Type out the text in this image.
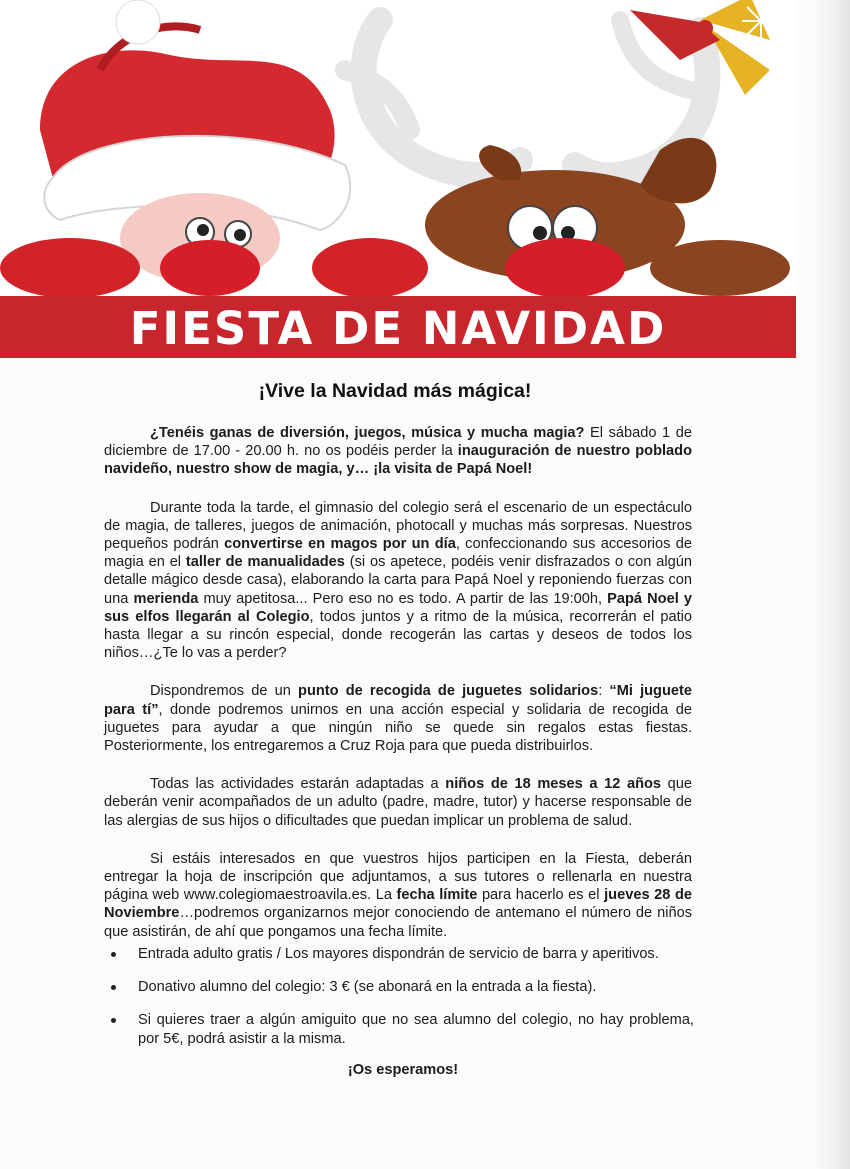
FIESTA DE NAVIDAD
¡Vive la Navidad más mágica!

¿Tenéis ganas de diversión, juegos, música y mucha magia? El sábado 1 de diciembre de 17.00 - 20.00 h. no os podéis perder la inauguración de nuestro poblado navideño, nuestro show de magia, y… ¡la visita de Papá Noel!

Durante toda la tarde, el gimnasio del colegio será el escenario de un espectáculo de magia, de talleres, juegos de animación, photocall y muchas más sorpresas. Nuestros pequeños podrán convertirse en magos por un día, confeccionando sus accesorios de magia en el taller de manualidades (si os apetece, podéis venir disfrazados o con algún detalle mágico desde casa), elaborando la carta para Papá Noel y reponiendo fuerzas con una merienda muy apetitosa... Pero eso no es todo. A partir de las 19:00h, Papá Noel y sus elfos llegarán al Colegio, todos juntos y a ritmo de la música, recorrerán el patio hasta llegar a su rincón especial, donde recogerán las cartas y deseos de todos los niños…¿Te lo vas a perder?

Dispondremos de un punto de recogida de juguetes solidarios: “Mi juguete para tí”, donde podremos unirnos en una acción especial y solidaria de recogida de juguetes para ayudar a que ningún niño se quede sin regalos estas fiestas. Posteriormente, los entregaremos a Cruz Roja para que pueda distribuirlos.

Todas las actividades estarán adaptadas a niños de 18 meses a 12 años que deberán venir acompañados de un adulto (padre, madre, tutor) y hacerse responsable de las alergias de sus hijos o dificultades que puedan implicar un problema de salud.

Si estáis interesados en que vuestros hijos participen en la Fiesta, deberán entregar la hoja de inscripción que adjuntamos, a sus tutores o rellenarla en nuestra página web www.colegiomaestroavila.es. La fecha límite para hacerlo es el jueves 28 de Noviembre…podremos organizarnos mejor conociendo de antemano el número de niños que asistirán, de ahí que pongamos una fecha límite.

Entrada adulto gratis / Los mayores dispondrán de servicio de barra y aperitivos.
Donativo alumno del colegio: 3 € (se abonará en la entrada a la fiesta).
Si quieres traer a algún amiguito que no sea alumno del colegio, no hay problema, por 5€, podrá asistir a la misma.
¡Os esperamos!
